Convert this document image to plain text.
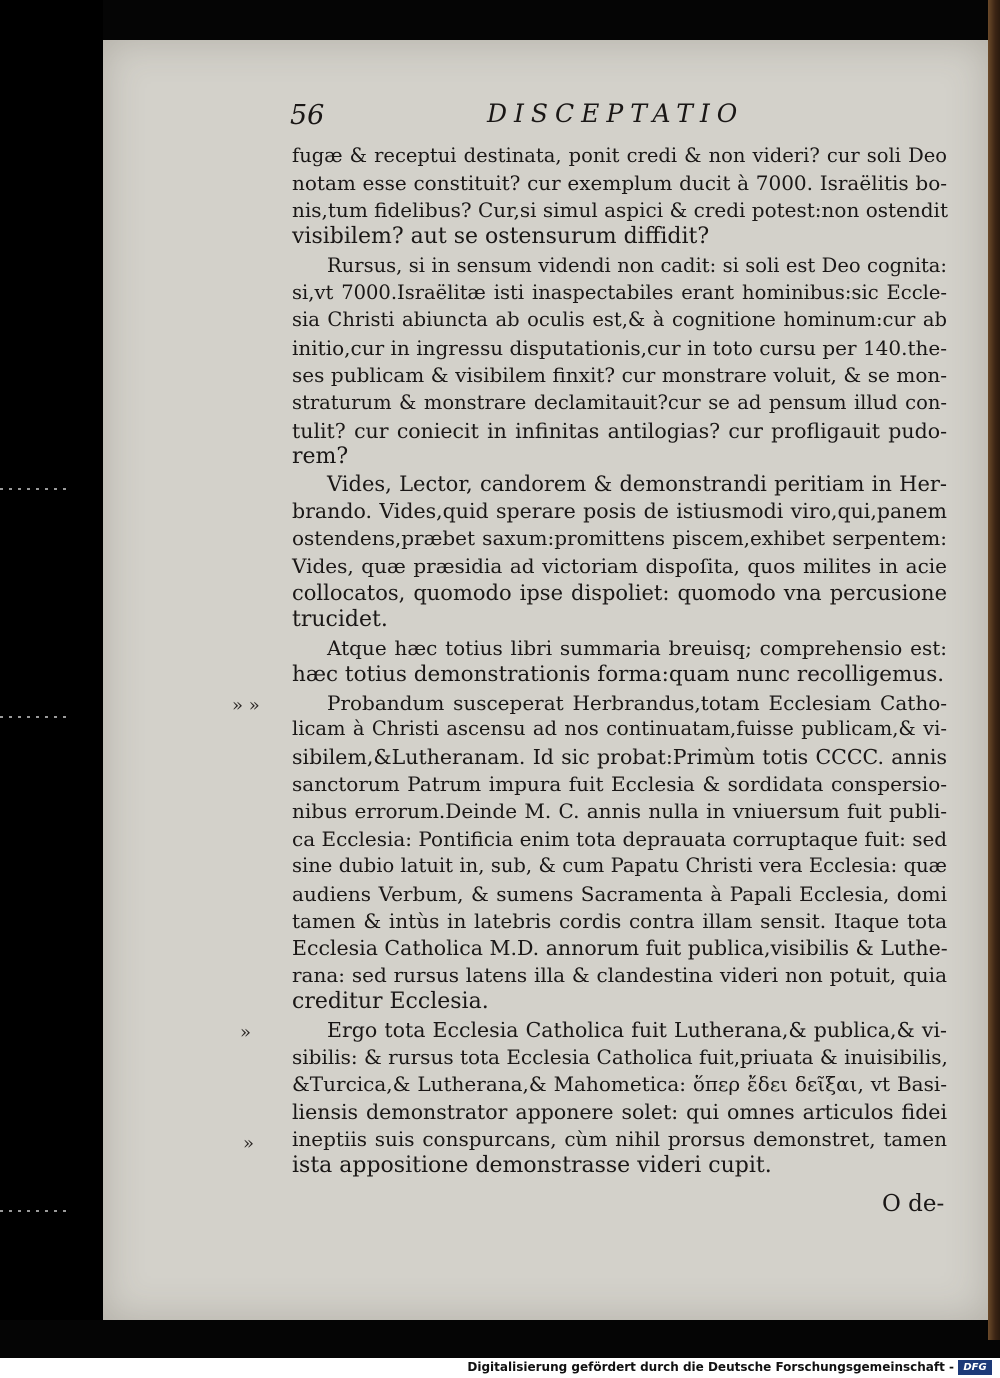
56	DISCEPTATIO
fugæ & receptui destinata, ponit credi & non videri? cur soli Deo
notam esse constituit? cur exemplum ducit à 7000. Israëlitis bo-
nis,tum fidelibus? Cur,si simul aspici & credi potest:non ostendit
visibilem? aut se ostensurum diffidit?
Rursus, si in sensum videndi non cadit: si soli est Deo cognita:
si,vt 7000.Israëlitæ isti inaspectabiles erant hominibus:sic Eccle-
sia Christi abiuncta ab oculis est,& à cognitione hominum:cur ab
initio,cur in ingressu disputationis,cur in toto cursu per 140.the-
ses publicam & visibilem finxit? cur monstrare voluit, & se mon-
straturum & monstrare declamitauit?cur se ad pensum illud con-
tulit? cur coniecit in infinitas antilogias? cur profligauit pudo-
rem?
Vides, Lector, candorem & demonstrandi peritiam in Her-
brando. Vides,quid sperare posis de istiusmodi viro,qui,panem
ostendens,præbet saxum:promittens piscem,exhibet serpentem:
Vides, quæ præsidia ad victoriam dispoſita, quos milites in acie
collocatos, quomodo ipse dispoliet: quomodo vna percusione
trucidet.
Atque hæc totius libri summaria breuisq; comprehensio est:
hæc totius demonstrationis forma:quam nunc recolligemus.
Probandum susceperat Herbrandus,totam Ecclesiam Catho-
licam à Christi ascensu ad nos continuatam,fuisse publicam,& vi-
sibilem,&Lutheranam. Id sic probat:Primùm totis CCCC. annis
sanctorum Patrum impura fuit Ecclesia & sordidata conspersio-
nibus errorum.Deinde M. C. annis nulla in vniuersum fuit publi-
ca Ecclesia: Pontificia enim tota deprauata corruptaque fuit: sed
sine dubio latuit in, sub, & cum Papatu Christi vera Ecclesia: quæ
audiens Verbum, & sumens Sacramenta à Papali Ecclesia, domi
tamen & intùs in latebris cordis contra illam sensit. Itaque tota
Ecclesia Catholica M.D. annorum fuit publica,visibilis & Luthe-
rana: sed rursus latens illa & clandestina videri non potuit, quia
creditur Ecclesia.
Ergo tota Ecclesia Catholica fuit Lutherana,& publica,& vi-
sibilis: & rursus tota Ecclesia Catholica fuit,priuata & inuisibilis,
&Turcica,& Lutherana,& Mahometica: ὅπερ ἔδει δεῖξαι, vt Basi-
liensis demonstrator apponere solet: qui omnes articulos fidei
ineptiis suis conspurcans, cùm nihil prorsus demonstret, tamen
ista appositione demonstrasse videri cupit.
» »
»
»
O de-
Digitalisierung gefördert durch die Deutsche Forschungsgemeinschaft - DFG
